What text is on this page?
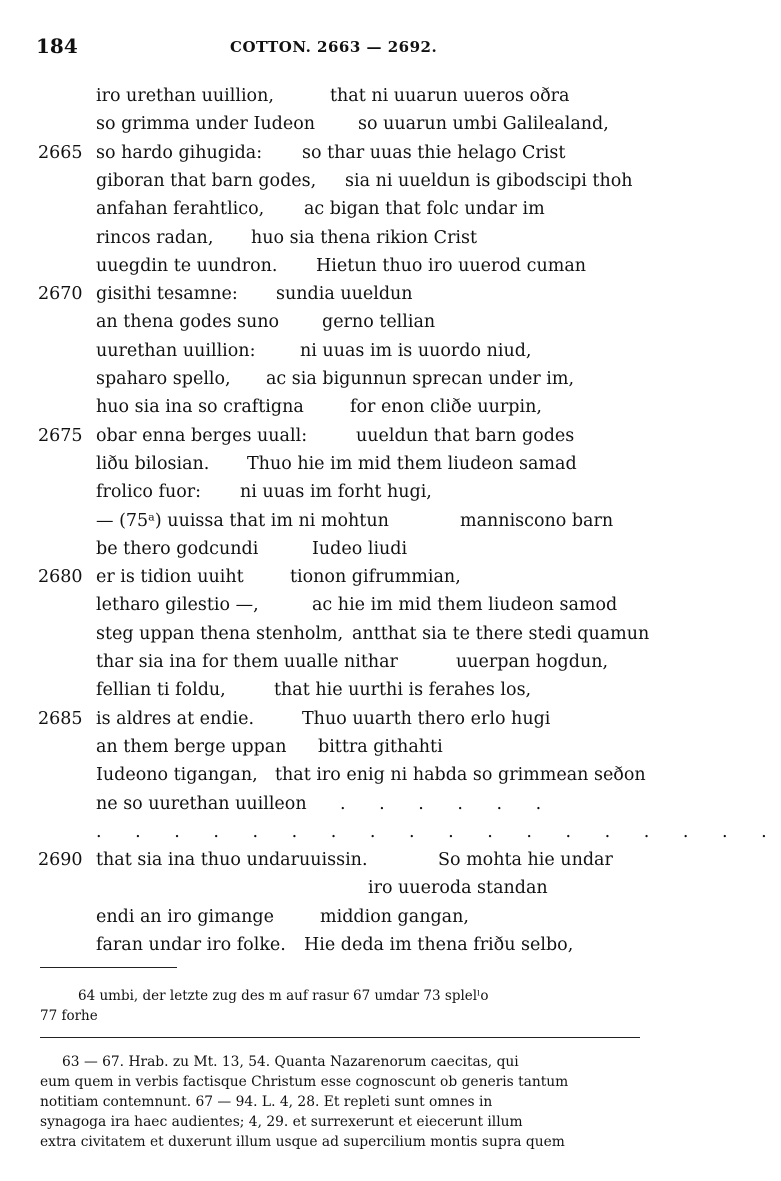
184	COTTON. 2663 — 2692.
iro urethan uuillion,	that ni uuarun uueros oðra
so grimma under Iudeon so uuarun umbi Galilealand,
2665 so hardo gihugida: so thar uuas thie helago Crist
giboran that barn godes, sia ni uueldun is gibodscipi thoh
anfahan ferahtlico, ac bigan that folc undar im
rincos radan, huo sia thena rikion Crist
uuegdin te uundron. Hietun thuo iro uuerod cuman
2670 gisithi tesamne: sundia uueldun
an thena godes suno gerno tellian
uurethan uuillion:	ni uuas im is uuordo niud,
spaharo spello, ac sia bigunnun sprecan under im,
huo sia ina so craftigna	for enon cliðe uurpin,
2675 obar enna berges uuall:	uueldun that barn godes
liðu bilosian. Thuo hie im mid them liudeon samad
frolico fuor: ni uuas im forht hugi,
— (75ᵃ) uuissa that im ni mohtun	manniscono barn
be thero godcundi	Iudeo liudi
2680 er is tidion uuiht	tionon gifrummian,
letharo gilestio —,	ac hie im mid them liudeon samod
steg uppan thena stenholm, antthat sia te there stedi quamun
thar sia ina for them uualle nithar	uuerpan hogdun,
fellian ti foldu,	that hie uurthi is ferahes los,
2685 is aldres at endie.	Thuo uuarth thero erlo hugi
an them berge uppan bittra githahti
Iudeono tigangan, that iro enig ni habda so grimmean seðon
ne so uurethan uuilleon . . . . . .
. . . . . . . . . . . . . . . . . .
2690 that sia ina thuo undaruuissin.	So mohta hie undar
iro uueroda standan
endi an iro gimange	middion gangan,
faran undar iro folke. Hie deda im thena friðu selbo,
64 umbi, der letzte zug des m auf rasur 67 umdar 73 splelˡo
77 forhe

63 — 67. Hrab. zu Mt. 13, 54. Quanta Nazarenorum caecitas, qui

eum quem in verbis factisque Christum esse cognoscunt ob generis tantum

notitiam contemnunt. 67 — 94. L. 4, 28. Et repleti sunt omnes in

synagoga ira haec audientes; 4, 29. et surrexerunt et eiecerunt illum

extra civitatem et duxerunt illum usque ad supercilium montis supra quem
